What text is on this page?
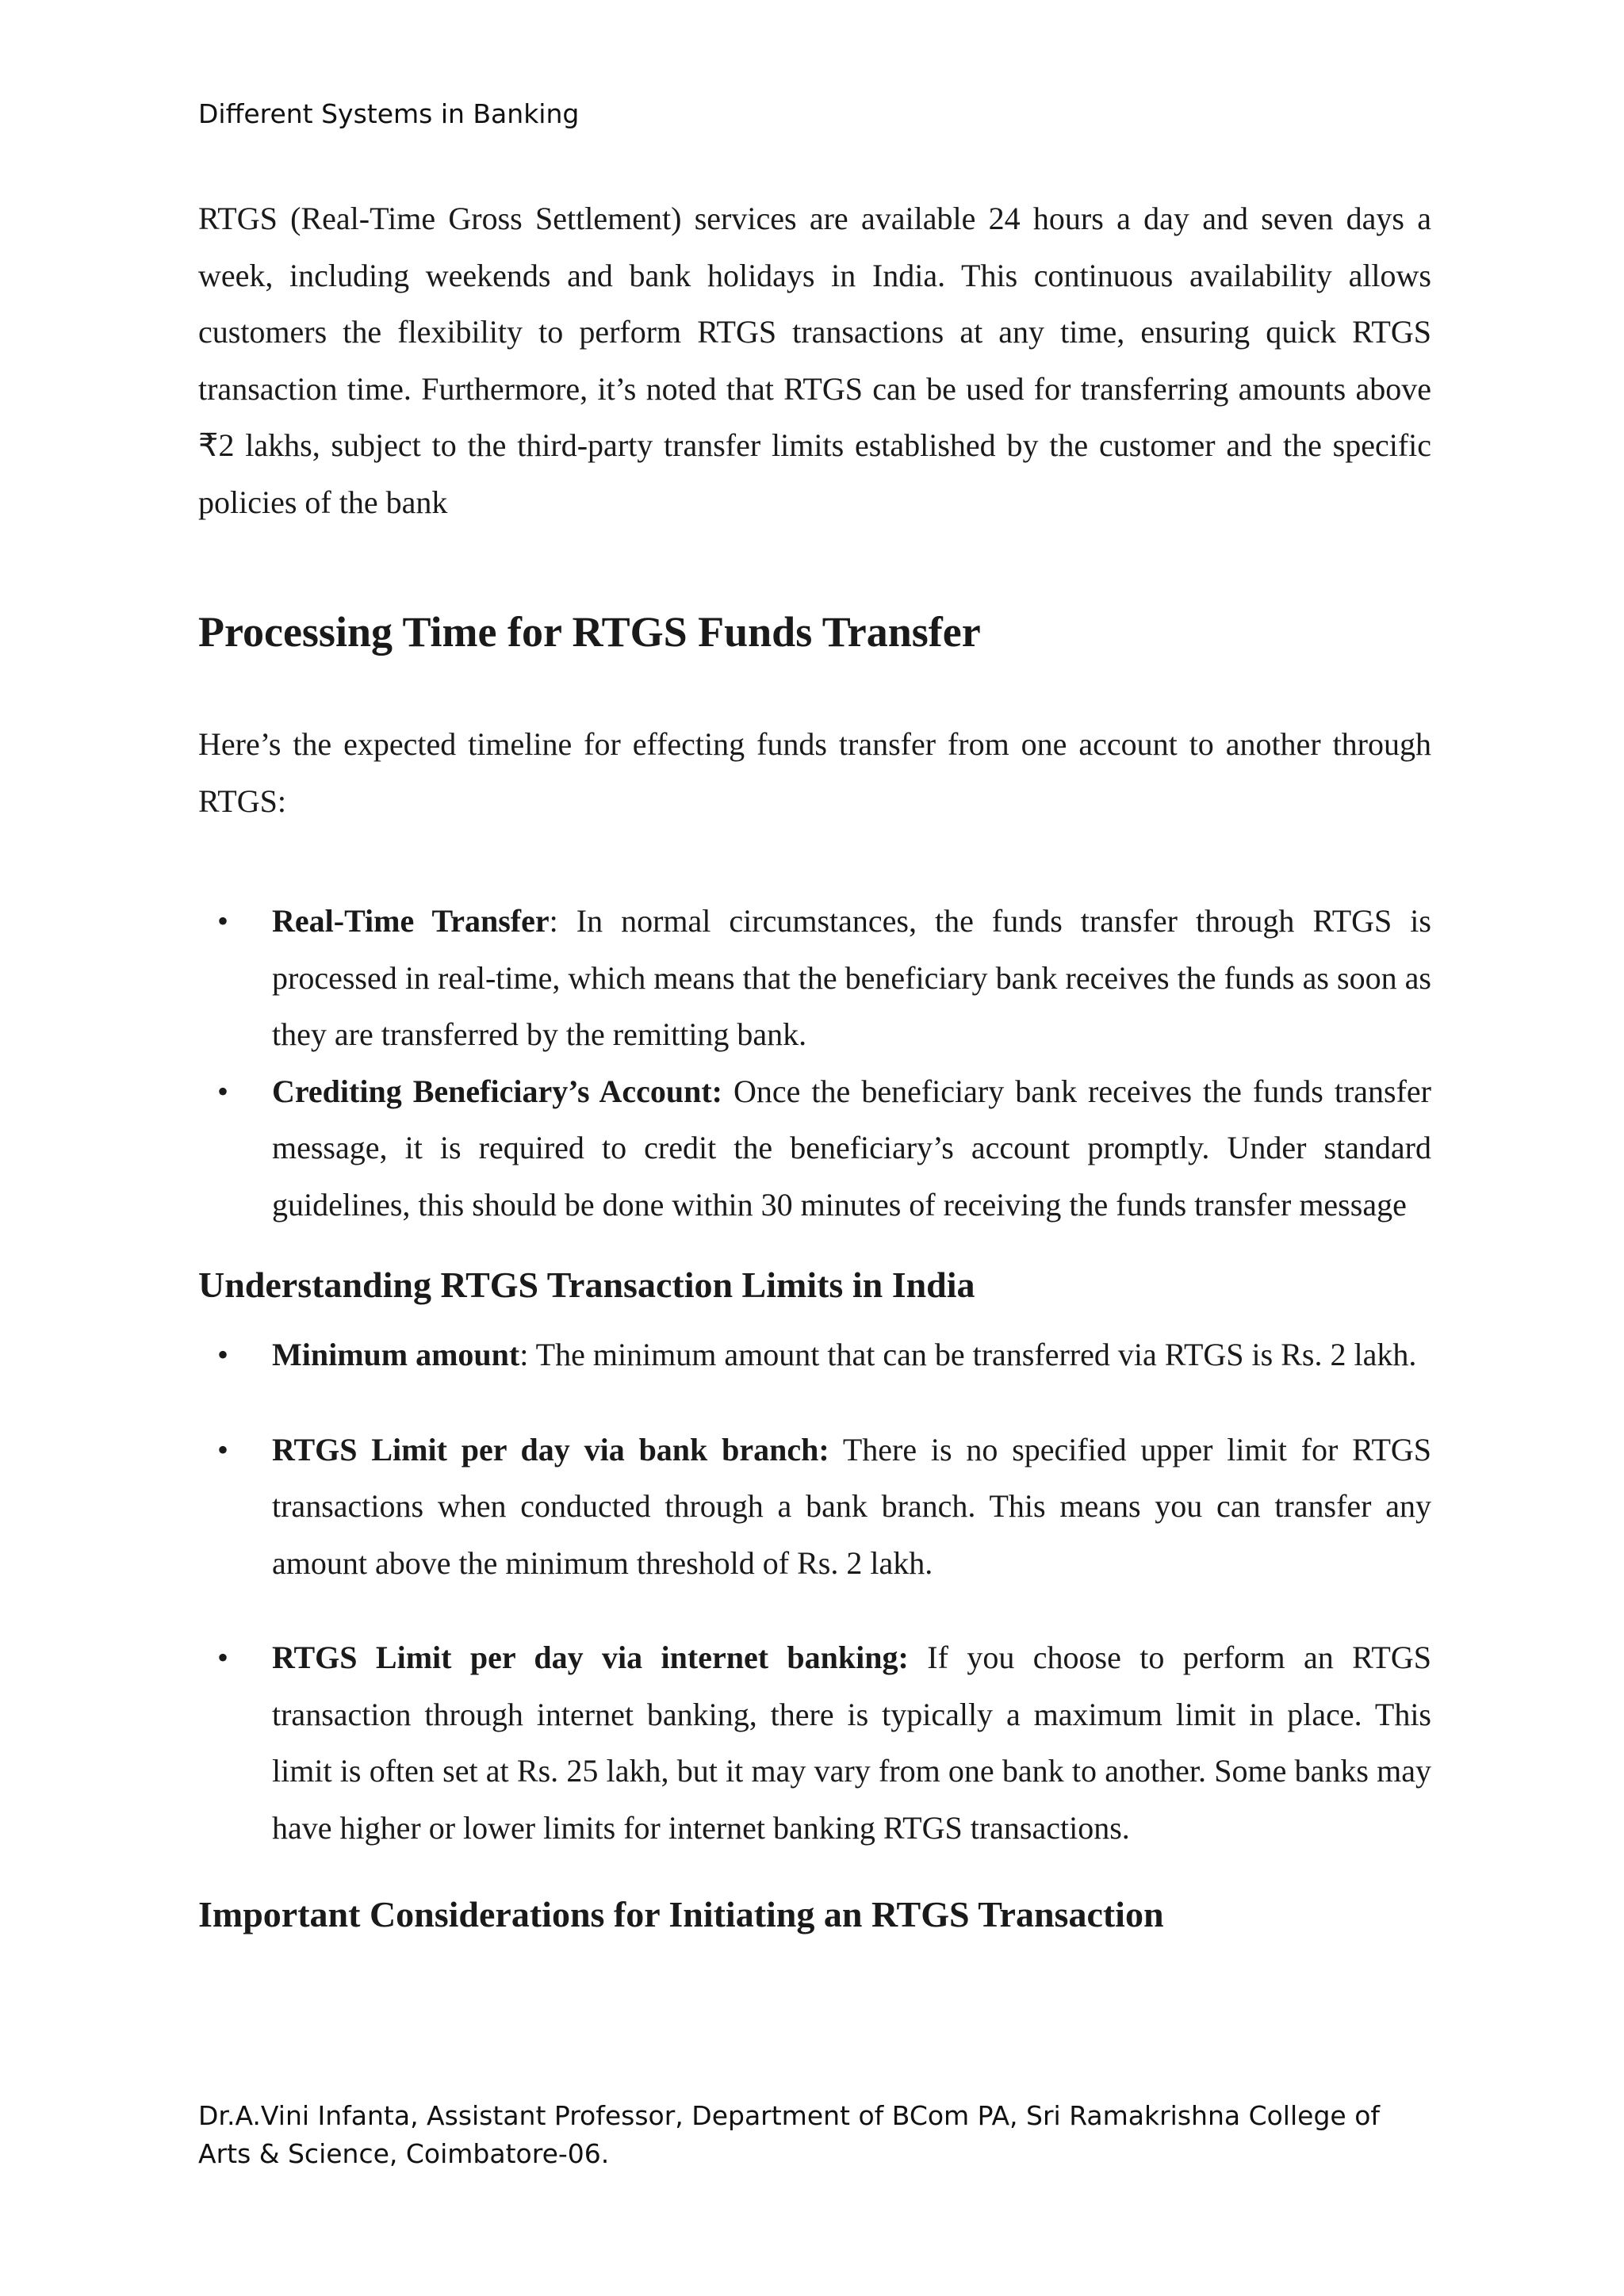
Different Systems in Banking

RTGS (Real-Time Gross Settlement) services are available 24 hours a day and seven days a week, including weekends and bank holidays in India. This continuous availability allows customers the flexibility to perform RTGS transactions at any time, ensuring quick RTGS transaction time. Furthermore, it’s noted that RTGS can be used for transferring amounts above ₹2 lakhs, subject to the third-party transfer limits established by the customer and the specific policies of the bank

Processing Time for RTGS Funds Transfer

Here’s the expected timeline for effecting funds transfer from one account to another through RTGS:

• Real-Time Transfer: In normal circumstances, the funds transfer through RTGS is processed in real-time, which means that the beneficiary bank receives the funds as soon as they are transferred by the remitting bank.
• Crediting Beneficiary’s Account: Once the beneficiary bank receives the funds transfer message, it is required to credit the beneficiary’s account promptly. Under standard guidelines, this should be done within 30 minutes of receiving the funds transfer message
Understanding RTGS Transaction Limits in India
• Minimum amount: The minimum amount that can be transferred via RTGS is Rs. 2 lakh.
• RTGS Limit per day via bank branch: There is no specified upper limit for RTGS transactions when conducted through a bank branch. This means you can transfer any amount above the minimum threshold of Rs. 2 lakh.
• RTGS Limit per day via internet banking: If you choose to perform an RTGS transaction through internet banking, there is typically a maximum limit in place. This limit is often set at Rs. 25 lakh, but it may vary from one bank to another. Some banks may have higher or lower limits for internet banking RTGS transactions.
Important Considerations for Initiating an RTGS Transaction
Dr.A.Vini Infanta, Assistant Professor, Department of BCom PA, Sri Ramakrishna College of Arts & Science, Coimbatore-06.
